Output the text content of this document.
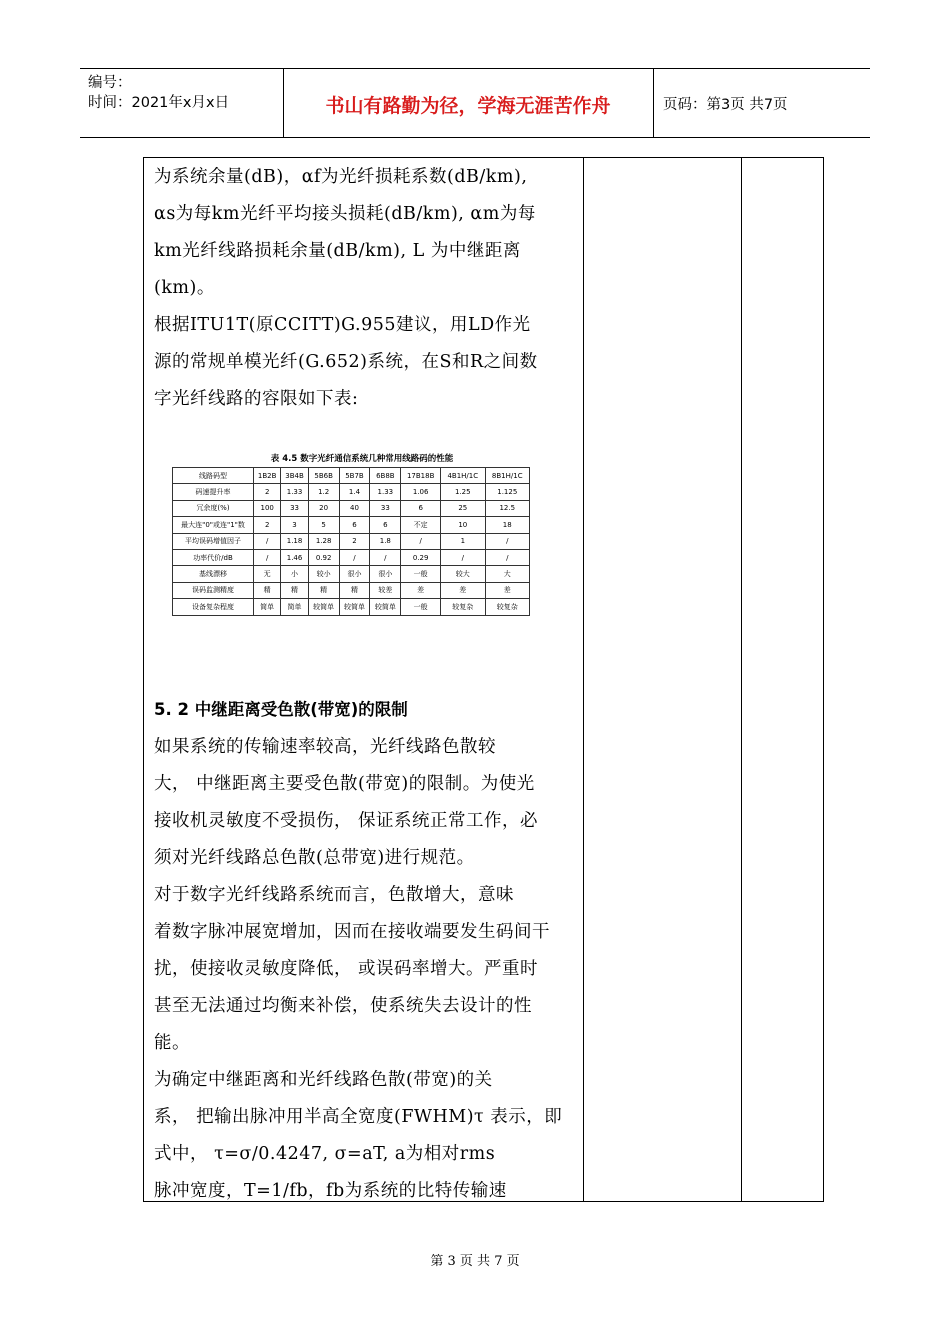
编号：
时间：2021年x月x日	书山有路勤为径，学海无涯苦作舟	页码：第3页 共7页
为系统余量(dB)，αf为光纤损耗系数(dB/km),
αs为每km光纤平均接头损耗(dB/km), αm为每
km光纤线路损耗余量(dB/km), L 为中继距离
(km)。
根据ITU1T(原CCITT)G.955建议，用LD作光
源的常规单模光纤(G.652)系统，在S和R之间数
字光纤线路的容限如下表:
表 4.5 数字光纤通信系统几种常用线路码的性能
线路码型	1B2B	3B4B	5B6B	5B7B	6B8B	17B18B	4B1H/1C	8B1H/1C
码速提升率	2	1.33	1.2	1.4	1.33	1.06	1.25	1.125
冗余度(%)	100	33	20	40	33	6	25	12.5
最大连"0"或连"1"数	2	3	5	6	6	不定	10	18
平均误码增值因子	/	1.18	1.28	2	1.8	/	1	/
功率代价/dB	/	1.46	0.92	/	/	0.29	/	/
基线漂移	无	小	较小	很小	很小	一般	较大	大
误码监测精度	精	精	精	精	较差	差	差	差
设备复杂程度	简单	简单	较简单	较简单	较简单	一般	较复杂	较复杂
5. 2 中继距离受色散(带宽)的限制
如果系统的传输速率较高，光纤线路色散较
大， 中继距离主要受色散(带宽)的限制。为使光
接收机灵敏度不受损伤， 保证系统正常工作，必
须对光纤线路总色散(总带宽)进行规范。
对于数字光纤线路系统而言，色散增大，意味
着数字脉冲展宽增加，因而在接收端要发生码间干
扰，使接收灵敏度降低， 或误码率增大。严重时
甚至无法通过均衡来补偿，使系统失去设计的性
能。
为确定中继距离和光纤线路色散(带宽)的关
系， 把输出脉冲用半高全宽度(FWHM)τ 表示，即
式中， τ=σ/0.4247, σ=aT, a为相对rms
脉冲宽度，T=1/fb，fb为系统的比特传输速
第 3 页 共 7 页
